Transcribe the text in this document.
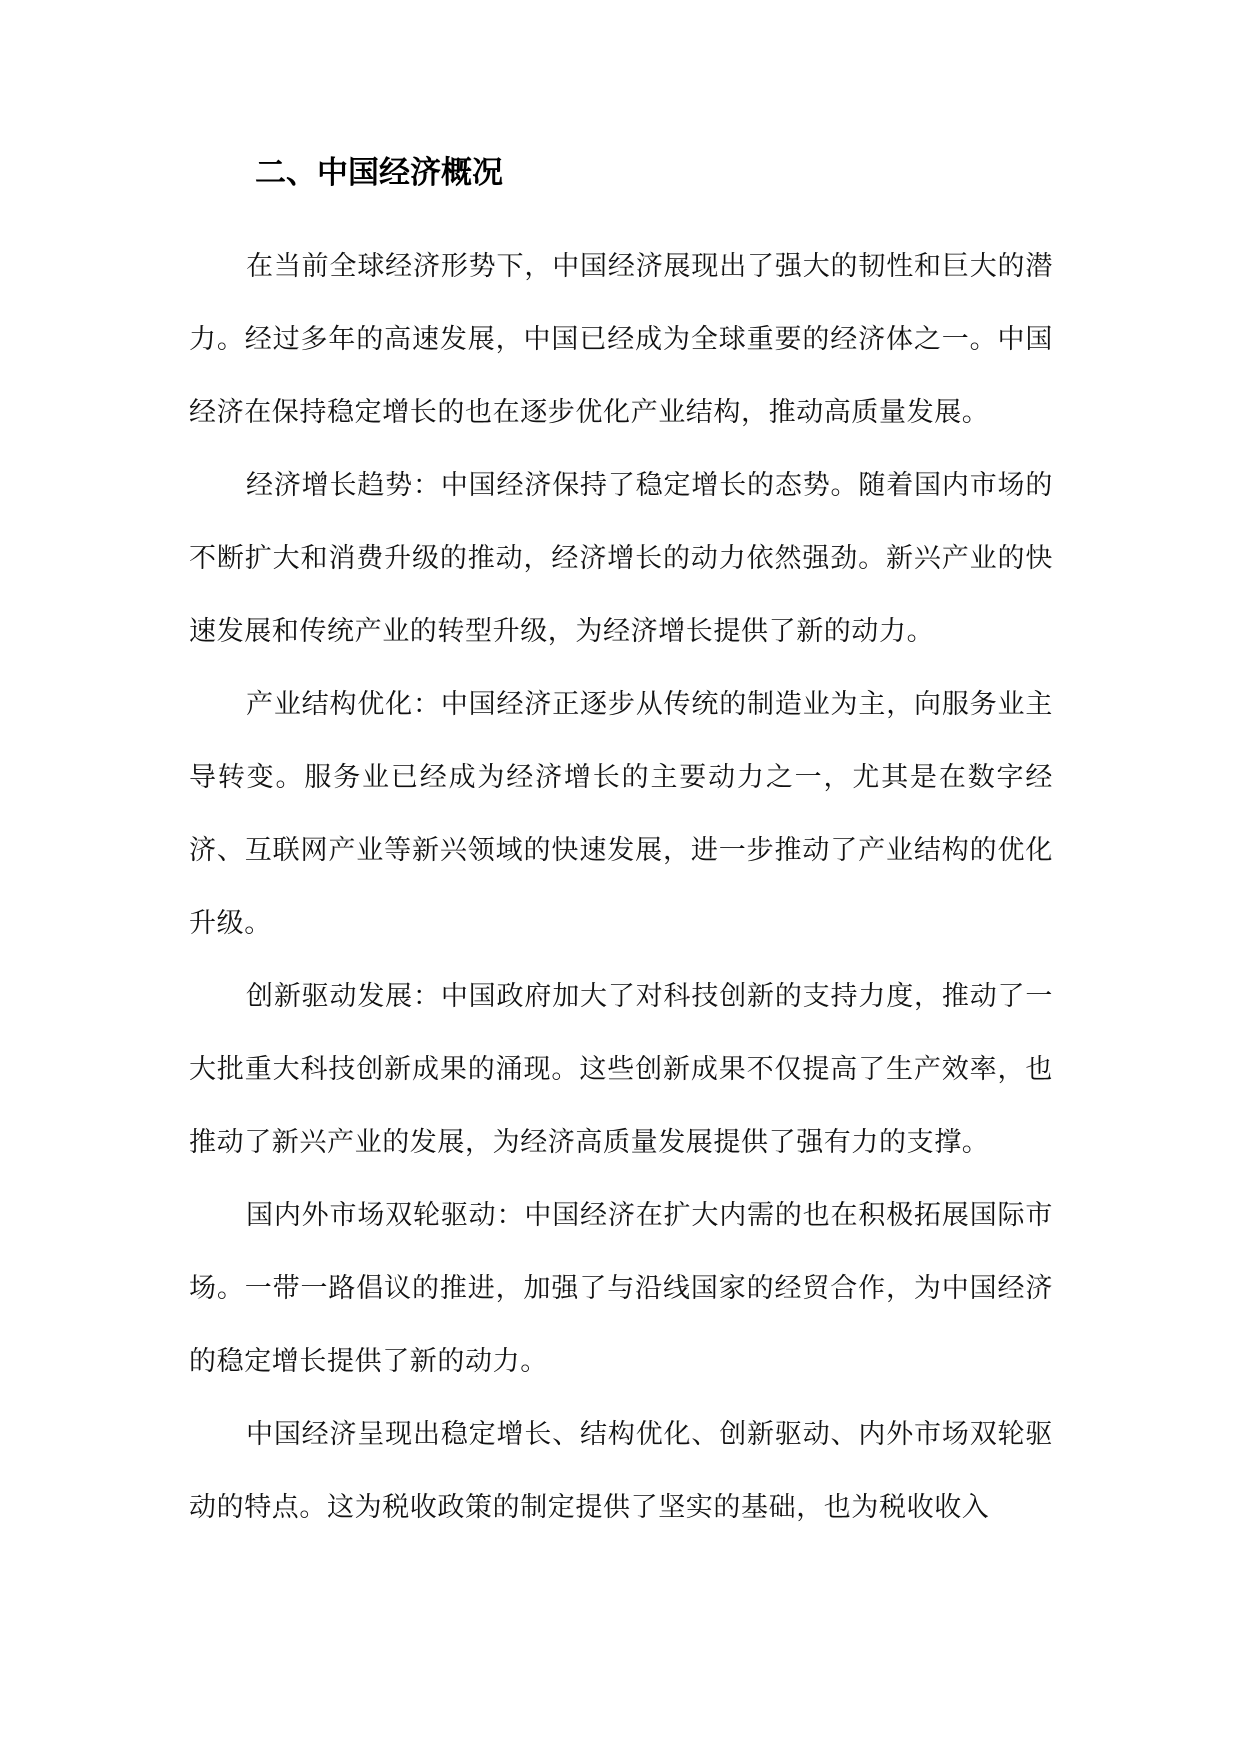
二、中国经济概况

在当前全球经济形势下，中国经济展现出了强大的韧性和巨大的潜力。经过多年的高速发展，中国已经成为全球重要的经济体之一。中国经济在保持稳定增长的也在逐步优化产业结构，推动高质量发展。

经济增长趋势：中国经济保持了稳定增长的态势。随着国内市场的不断扩大和消费升级的推动，经济增长的动力依然强劲。新兴产业的快速发展和传统产业的转型升级，为经济增长提供了新的动力。

产业结构优化：中国经济正逐步从传统的制造业为主，向服务业主导转变。服务业已经成为经济增长的主要动力之一，尤其是在数字经济、互联网产业等新兴领域的快速发展，进一步推动了产业结构的优化升级。

创新驱动发展：中国政府加大了对科技创新的支持力度，推动了一大批重大科技创新成果的涌现。这些创新成果不仅提高了生产效率，也推动了新兴产业的发展，为经济高质量发展提供了强有力的支撑。

国内外市场双轮驱动：中国经济在扩大内需的也在积极拓展国际市场。一带一路倡议的推进，加强了与沿线国家的经贸合作，为中国经济的稳定增长提供了新的动力。

中国经济呈现出稳定增长、结构优化、创新驱动、内外市场双轮驱动的特点。这为税收政策的制定提供了坚实的基础，也为税收收入
